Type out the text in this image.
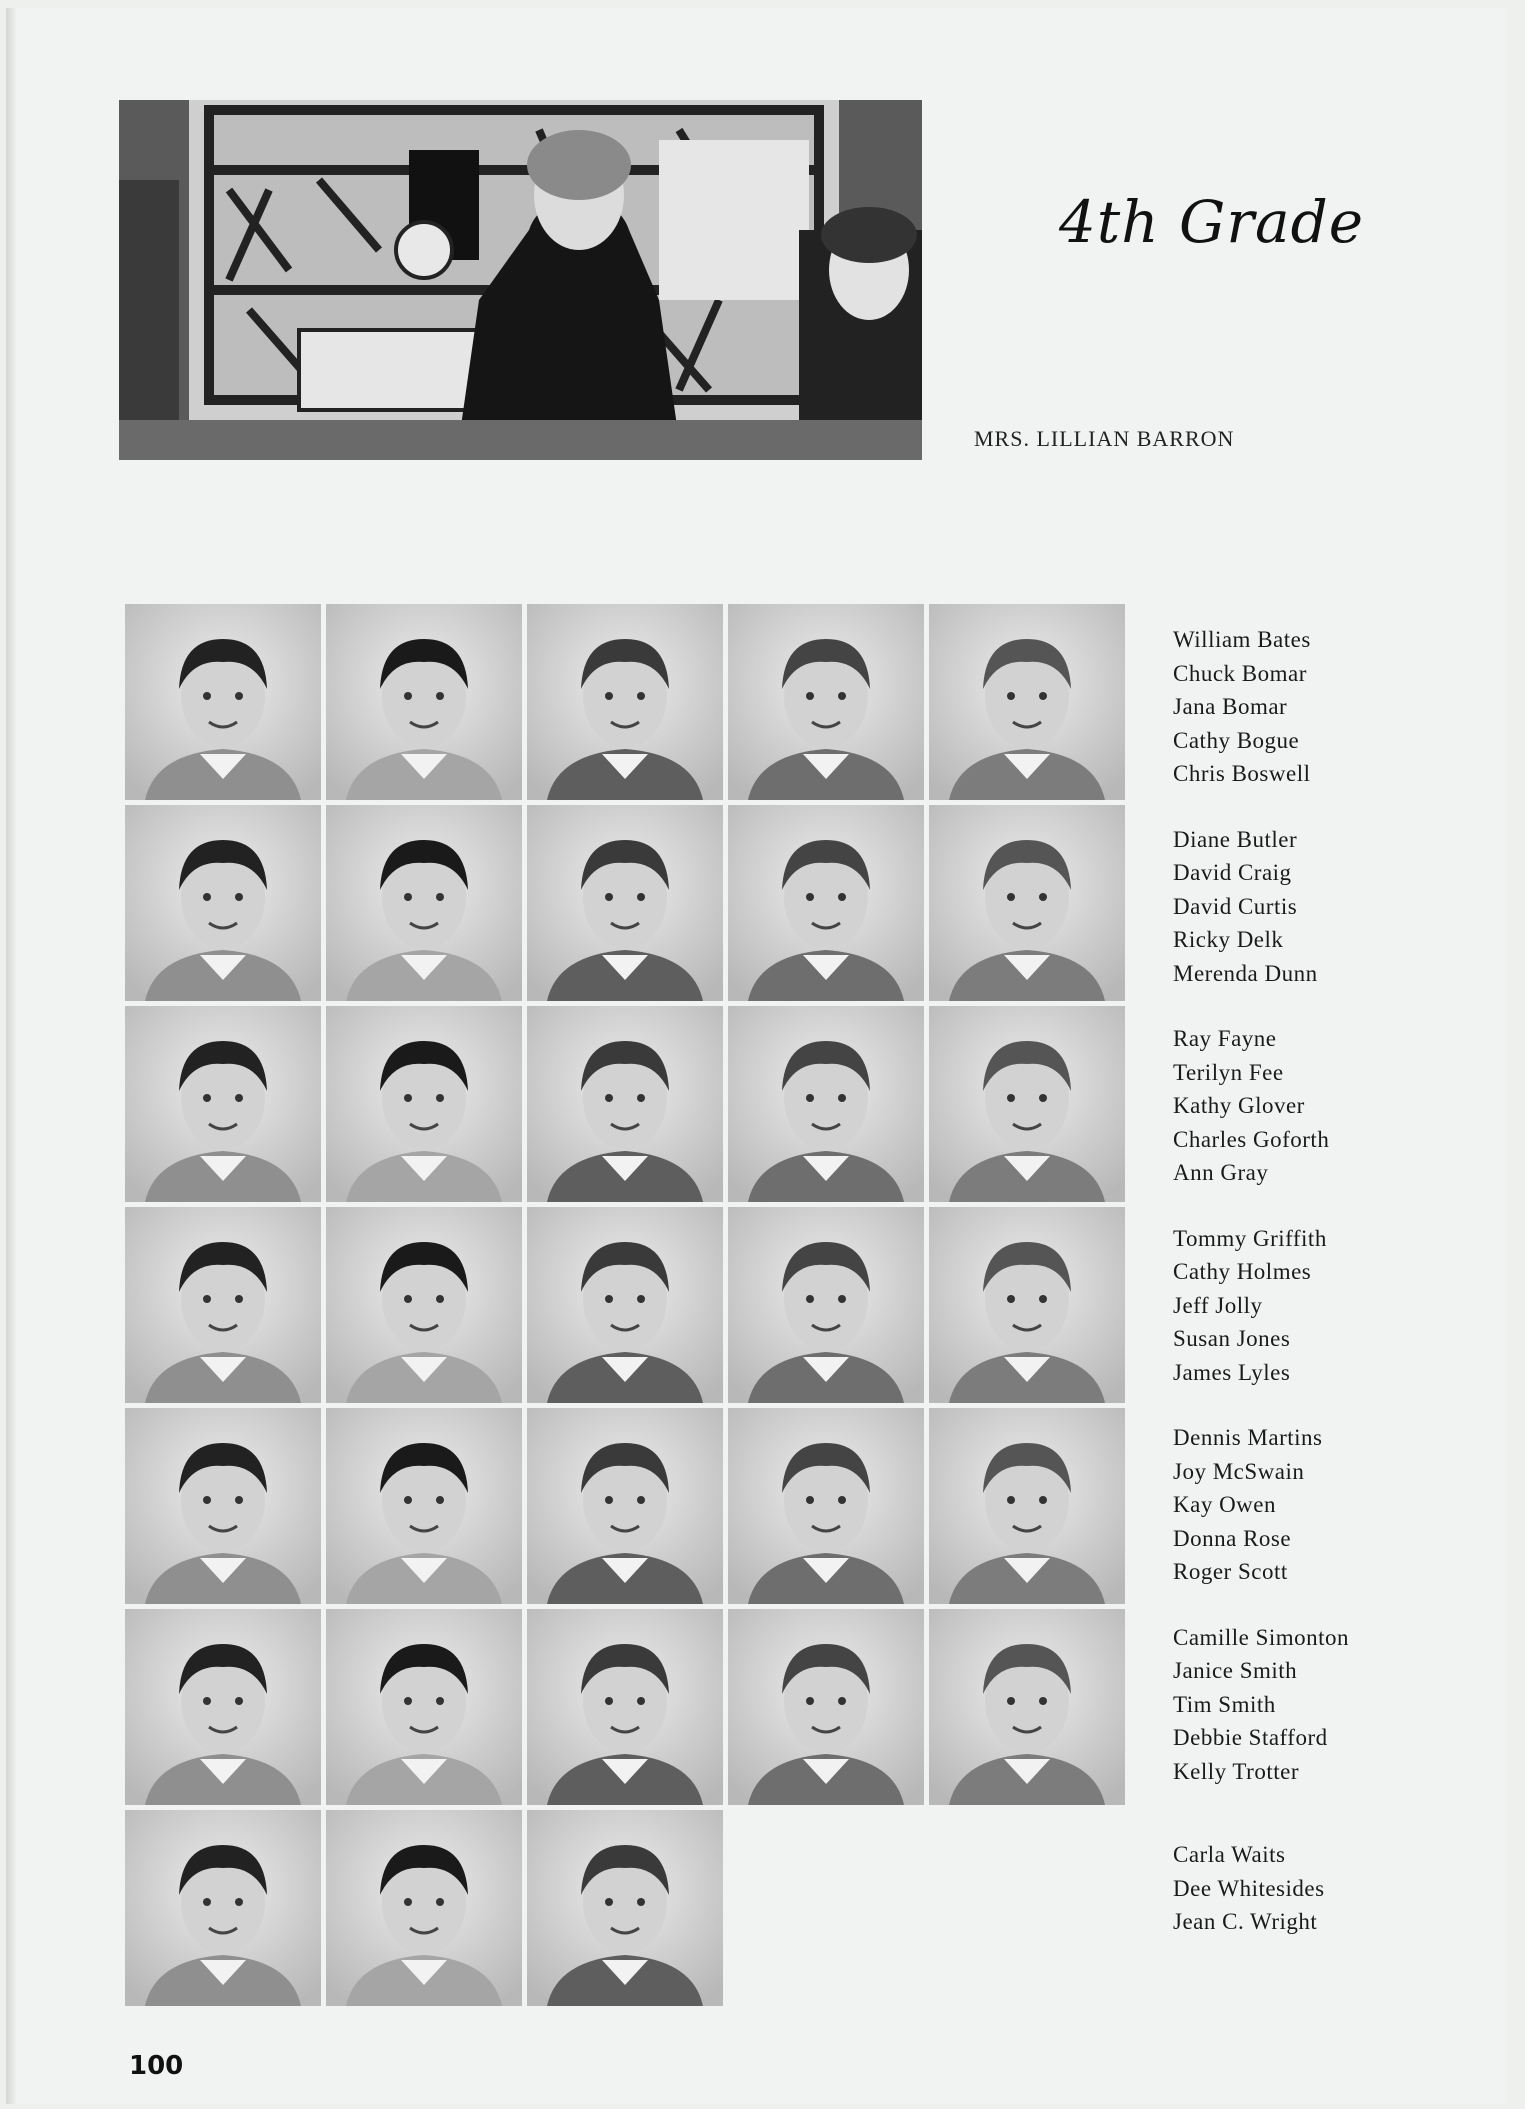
4th Grade
MRS. LILLIAN BARRON
William Bates
Chuck Bomar
Jana Bomar
Cathy Bogue
Chris Boswell
Diane Butler
David Craig
David Curtis
Ricky Delk
Merenda Dunn
Ray Fayne
Terilyn Fee
Kathy Glover
Charles Goforth
Ann Gray
Tommy Griffith
Cathy Holmes
Jeff Jolly
Susan Jones
James Lyles
Dennis Martins
Joy McSwain
Kay Owen
Donna Rose
Roger Scott
Camille Simonton
Janice Smith
Tim Smith
Debbie Stafford
Kelly Trotter
Carla Waits
Dee Whitesides
Jean C. Wright
100
